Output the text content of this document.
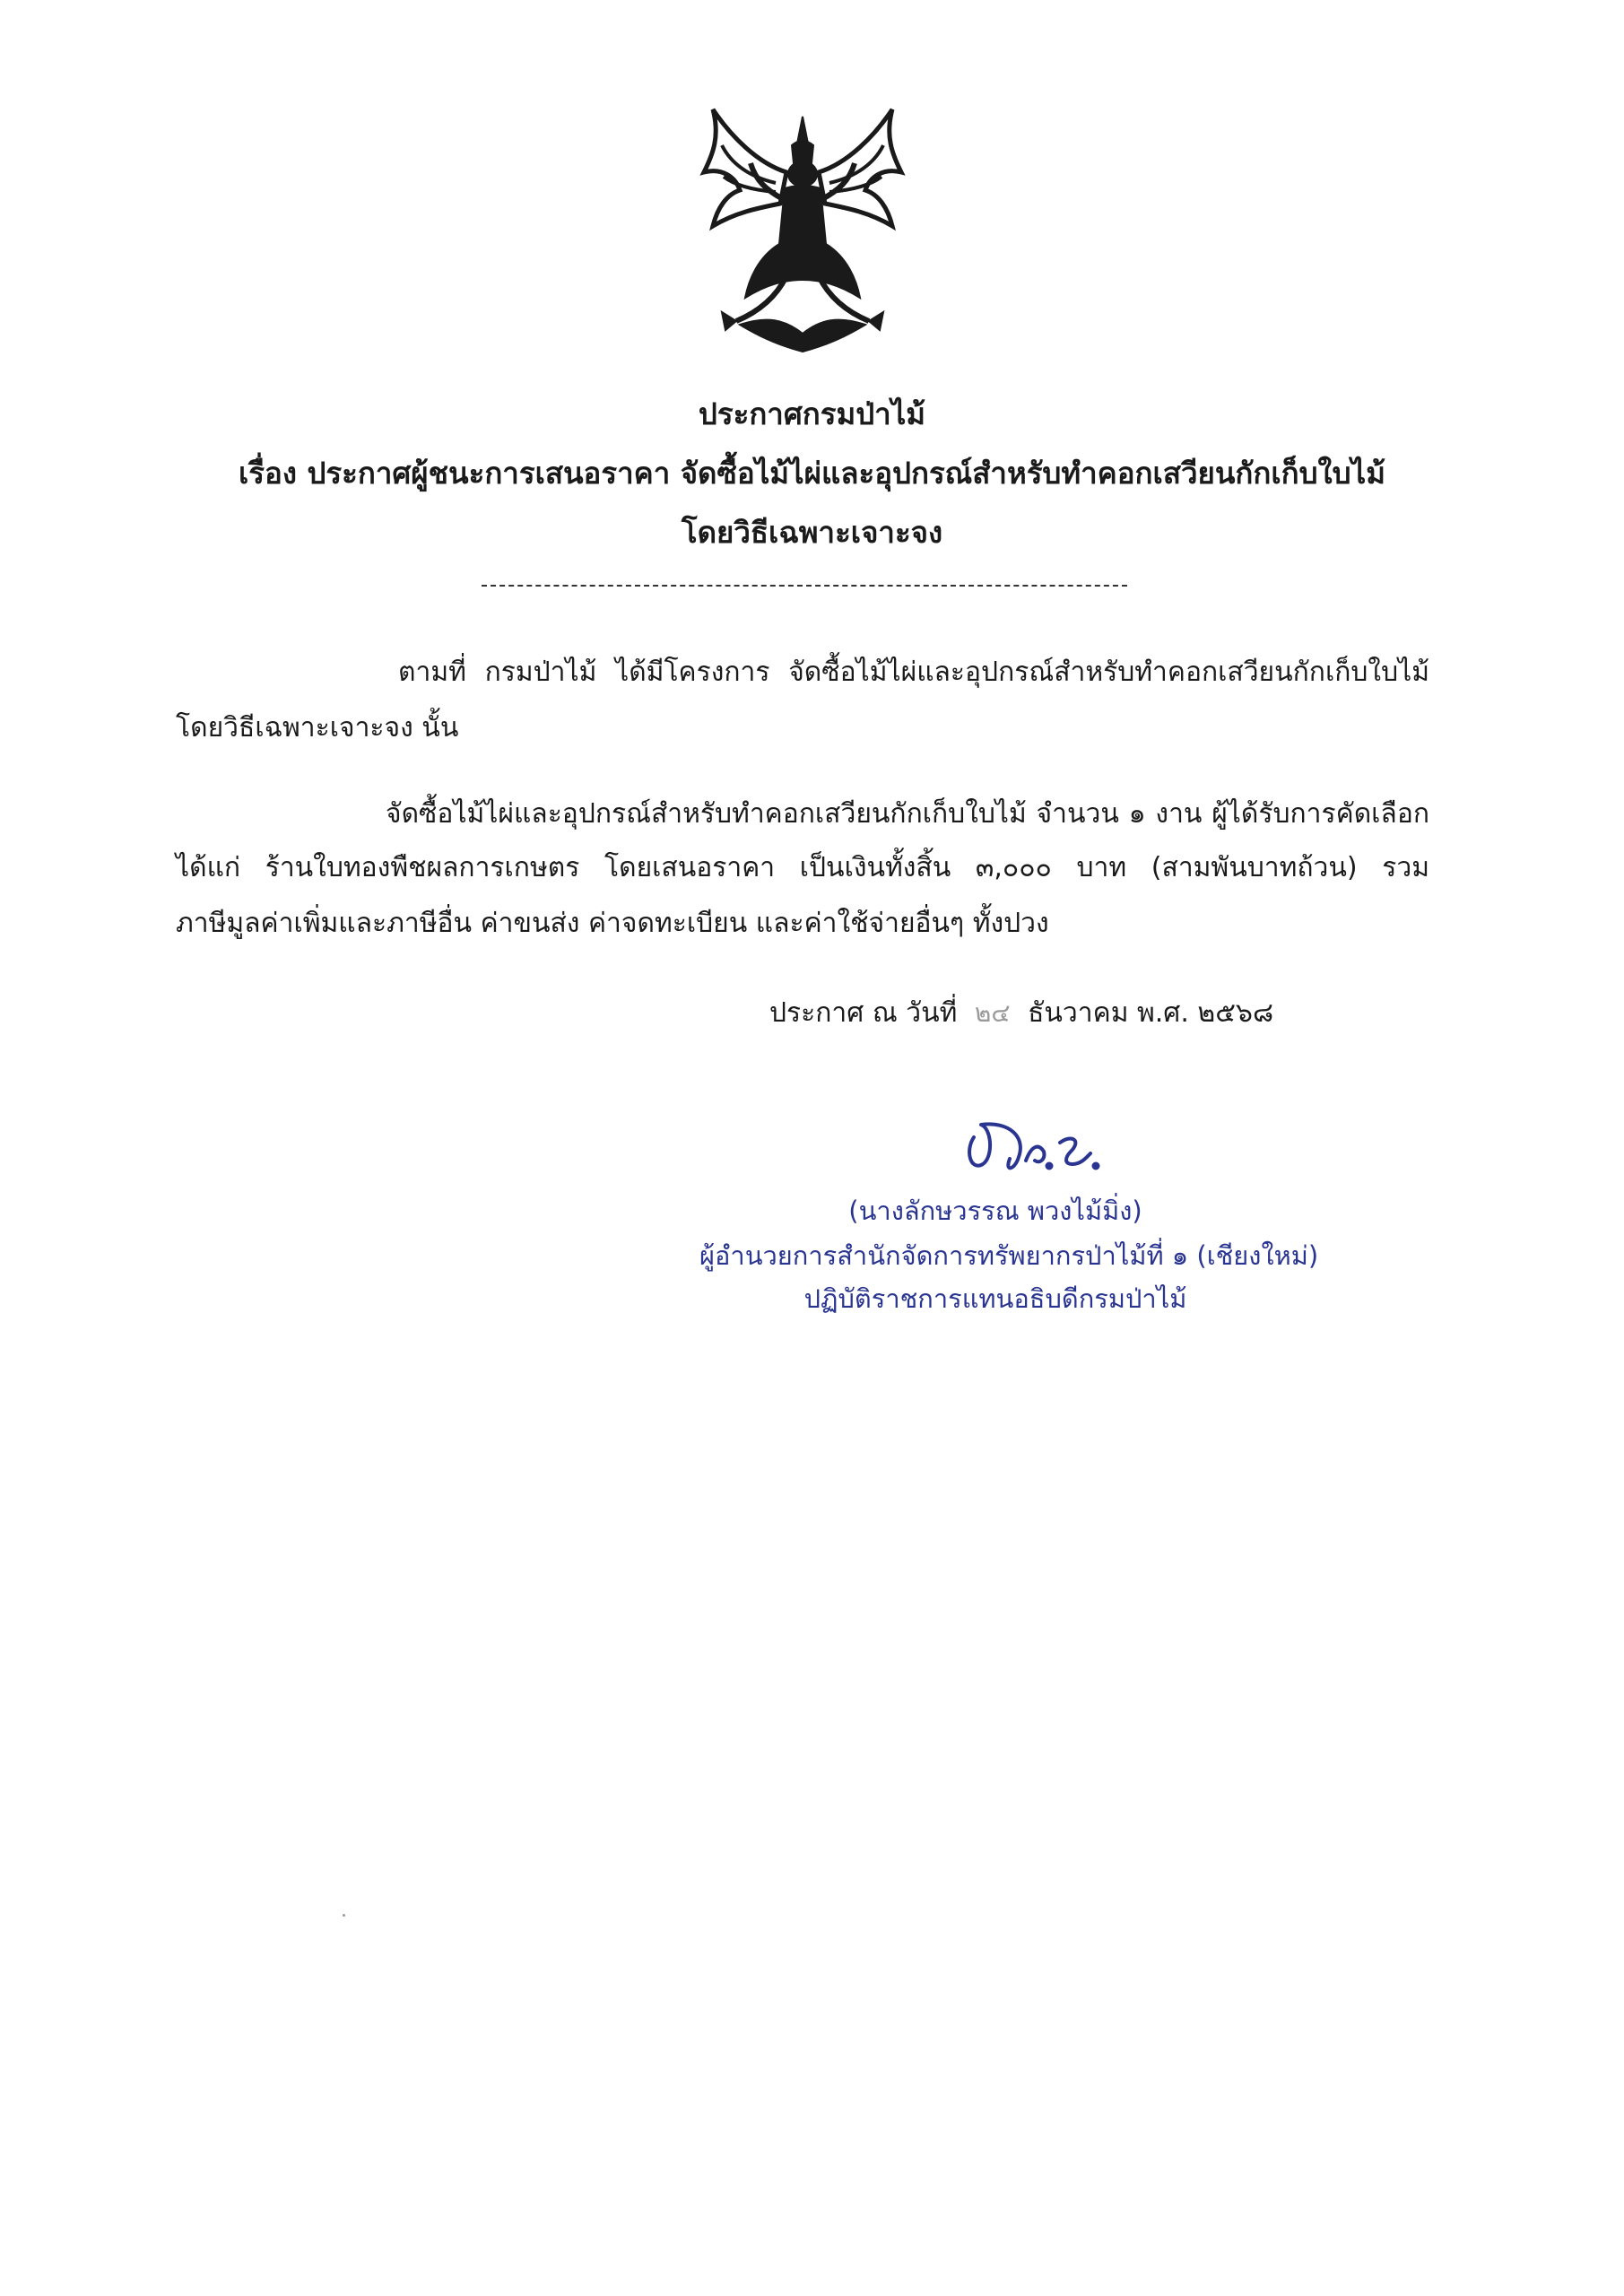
ประกาศกรมป่าไม้
เรื่อง ประกาศผู้ชนะการเสนอราคา จัดซื้อไม้ไผ่และอุปกรณ์สำหรับทำคอกเสวียนกักเก็บใบไม้
โดยวิธีเฉพาะเจาะจง
ตามที่ กรมป่าไม้ ได้มีโครงการ จัดซื้อไม้ไผ่และอุปกรณ์สำหรับทำคอกเสวียนกักเก็บใบไม้
โดยวิธีเฉพาะเจาะจง นั้น
จัดซื้อไม้ไผ่และอุปกรณ์สำหรับทำคอกเสวียนกักเก็บใบไม้ จำนวน ๑ งาน ผู้ได้รับการคัดเลือก
ได้แก่ ร้านใบทองพืชผลการเกษตร โดยเสนอราคา เป็นเงินทั้งสิ้น ๓,๐๐๐ บาท (สามพันบาทถ้วน) รวม
ภาษีมูลค่าเพิ่มและภาษีอื่น ค่าขนส่ง ค่าจดทะเบียน และค่าใช้จ่ายอื่นๆ ทั้งปวง
ประกาศ ณ วันที่ ๒๔ ธันวาคม พ.ศ. ๒๕๖๘
(นางลักษวรรณ พวงไม้มิ่ง)
ผู้อำนวยการสำนักจัดการทรัพยากรป่าไม้ที่ ๑ (เชียงใหม่)
ปฏิบัติราชการแทนอธิบดีกรมป่าไม้
